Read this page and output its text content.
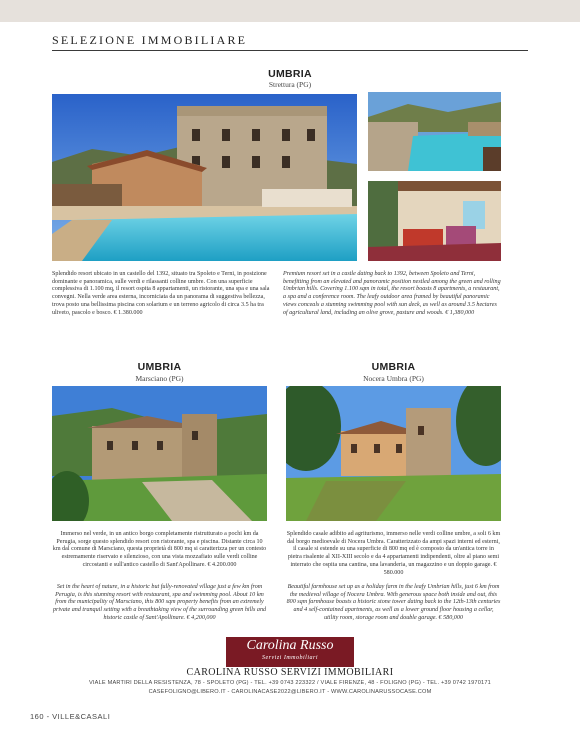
SELEZIONE IMMOBILIARE
UMBRIA
Strettura (PG)
Splendido resort ubicato in un castello del 1392, situato tra Spoleto e Terni, in posizione dominante e panoramica, sulle verdi e rilassanti colline umbre. Con una superficie complessiva di 1.100 mq, il resort ospita 8 appartamenti, un ristorante, una spa e una sala convegni. Nella verde area esterna, incorniciata da un panorama di suggestiva bellezza, trova posto una bellissima piscina con solarium e un terreno agricolo di circa 3.5 ha tra uliveto, pascolo e bosco. € 1.380.000
Premium resort set in a castle dating back to 1392, between Spoleto and Terni, benefitting from an elevated and panoramic position nestled among the green and rolling Umbrian hills. Covering 1.100 sqm in total, the resort boasts 8 apartments, a restaurant, a spa and a conference room. The leafy outdoor area framed by beautiful panoramic views conceals a stunning swimming pool with sun deck, as well as around 3.5 hectares of agricultural land, including an olive grove, pasture and woods. € 1,380,000
UMBRIA
Marsciano (PG)
Immerso nel verde, in un antico borgo completamente ristrutturato a pochi km da Perugia, sorge questo splendido resort con ristorante, spa e piscina. Distante circa 10 km dal comune di Marsciano, questa proprietà di 800 mq si caratterizza per un contesto estremamente riservato e silenzioso, con una vista mozzafiato sulle verdi colline circostanti e sull'antico castello di Sant'Apollinare. € 4.200.000
Set in the heart of nature, in a historic but fully-renovated village just a few km from Perugia, is this stunning resort with restaurant, spa and swimming pool. About 10 km from the municipality of Marsciano, this 800 sqm property benefits from an extremely private and tranquil setting with a breathtaking view of the surrounding green hills and historic castle of Sant'Apollinare. € 4,200,000
UMBRIA
Nocera Umbra (PG)
Splendido casale adibito ad agriturismo, immerso nelle verdi colline umbre, a soli 6 km dal borgo medioevale di Nocera Umbra. Caratterizzato da ampi spazi interni ed esterni, il casale si estende su una superficie di 800 mq ed è composto da un'antica torre in pietra risalente al XII-XIII secolo e da 4 appartamenti indipendenti, oltre al piano semi interrato che ospita una cantina, una lavanderia, un magazzino e un doppio garage. € 580.000
Beautiful farmhouse set up as a holiday farm in the leafy Umbrian hills, just 6 km from the medieval village of Nocera Umbra. With generous space both inside and out, this 800 sqm farmhouse boasts a historic stone tower dating back to the 12th-13th centuries and 4 self-contained apartments, as well as a lower ground floor housing a cellar, utility room, storage room and double garage. € 580,000
Carolina Russo
Servizi Immobiliari
CAROLINA RUSSO SERVIZI IMMOBILIARI
VIALE MARTIRI DELLA RESISTENZA, 78 - SPOLETO (PG) - TEL. +39 0743 223322 / VIALE FIRENZE, 48 - FOLIGNO (PG) - TEL. +39 0742 1970171
CASEFOLIGNO@LIBERO.IT - CAROLINACASE2022@LIBERO.IT - WWW.CAROLINARUSSOCASE.COM
160 - VILLE&CASALI
